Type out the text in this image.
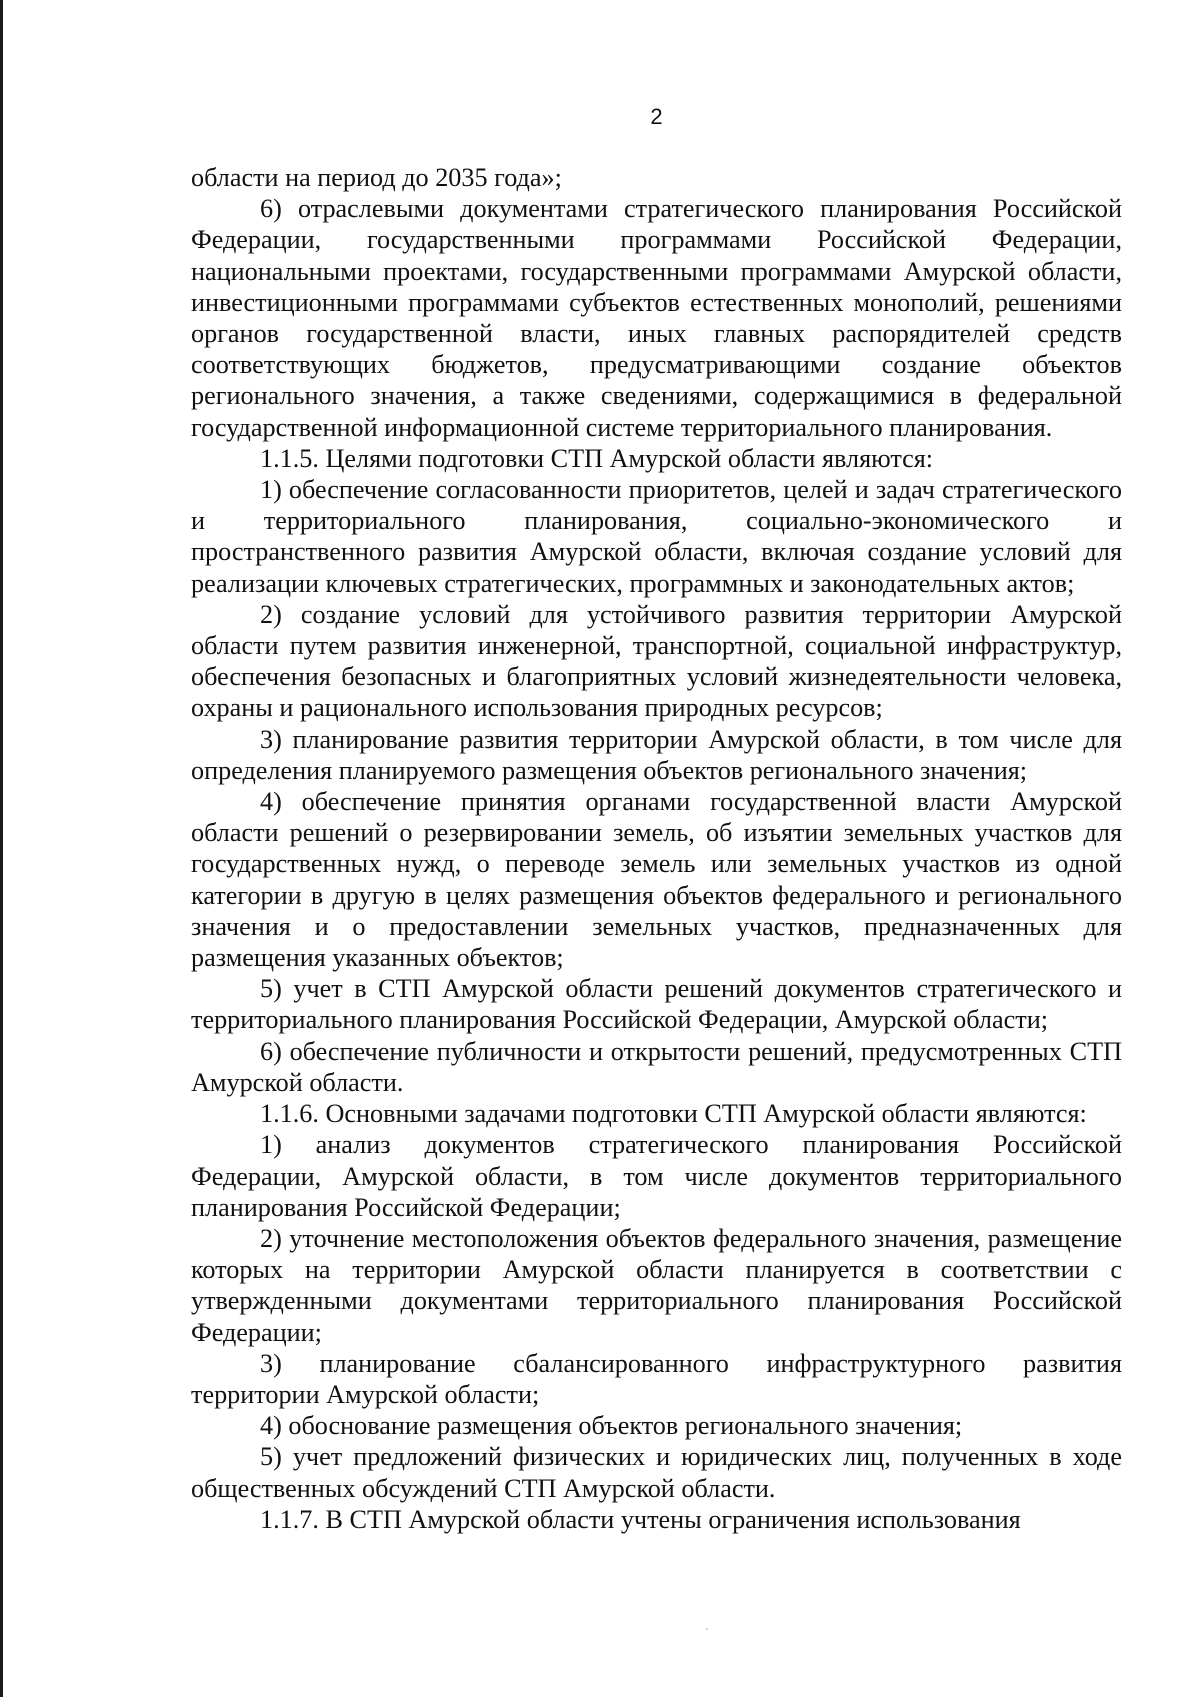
2

области на период до 2035 года»;

6) отраслевыми документами стратегического планирования Российской Федерации, государственными программами Российской Федерации, национальными проектами, государственными программами Амурской области, инвестиционными программами субъектов естественных монополий, решениями органов государственной власти, иных главных распорядителей средств соответствующих бюджетов, предусматривающими создание объектов регионального значения, а также сведениями, содержащимися в федеральной государственной информационной системе территориального планирования.

1.1.5. Целями подготовки СТП Амурской области являются:

1) обеспечение согласованности приоритетов, целей и задач стратегического и территориального планирования, социально-экономического и пространственного развития Амурской области, включая создание условий для реализации ключевых стратегических, программных и законодательных актов;

2) создание условий для устойчивого развития территории Амурской области путем развития инженерной, транспортной, социальной инфраструктур, обеспечения безопасных и благоприятных условий жизнедеятельности человека, охраны и рационального использования природных ресурсов;

3) планирование развития территории Амурской области, в том числе для определения планируемого размещения объектов регионального значения;

4) обеспечение принятия органами государственной власти Амурской области решений о резервировании земель, об изъятии земельных участков для государственных нужд, о переводе земель или земельных участков из одной категории в другую в целях размещения объектов федерального и регионального значения и о предоставлении земельных участков, предназначенных для размещения указанных объектов;

5) учет в СТП Амурской области решений документов стратегического и территориального планирования Российской Федерации, Амурской области;

6) обеспечение публичности и открытости решений, предусмотренных СТП Амурской области.

1.1.6. Основными задачами подготовки СТП Амурской области являются:

1) анализ документов стратегического планирования Российской Федерации, Амурской области, в том числе документов территориального планирования Российской Федерации;

2) уточнение местоположения объектов федерального значения, размещение которых на территории Амурской области планируется в соответствии с утвержденными документами территориального планирования Российской Федерации;

3) планирование сбалансированного инфраструктурного развития территории Амурской области;

4) обоснование размещения объектов регионального значения;

5) учет предложений физических и юридических лиц, полученных в ходе общественных обсуждений СТП Амурской области.

1.1.7. В СТП Амурской области учтены ограничения использования
